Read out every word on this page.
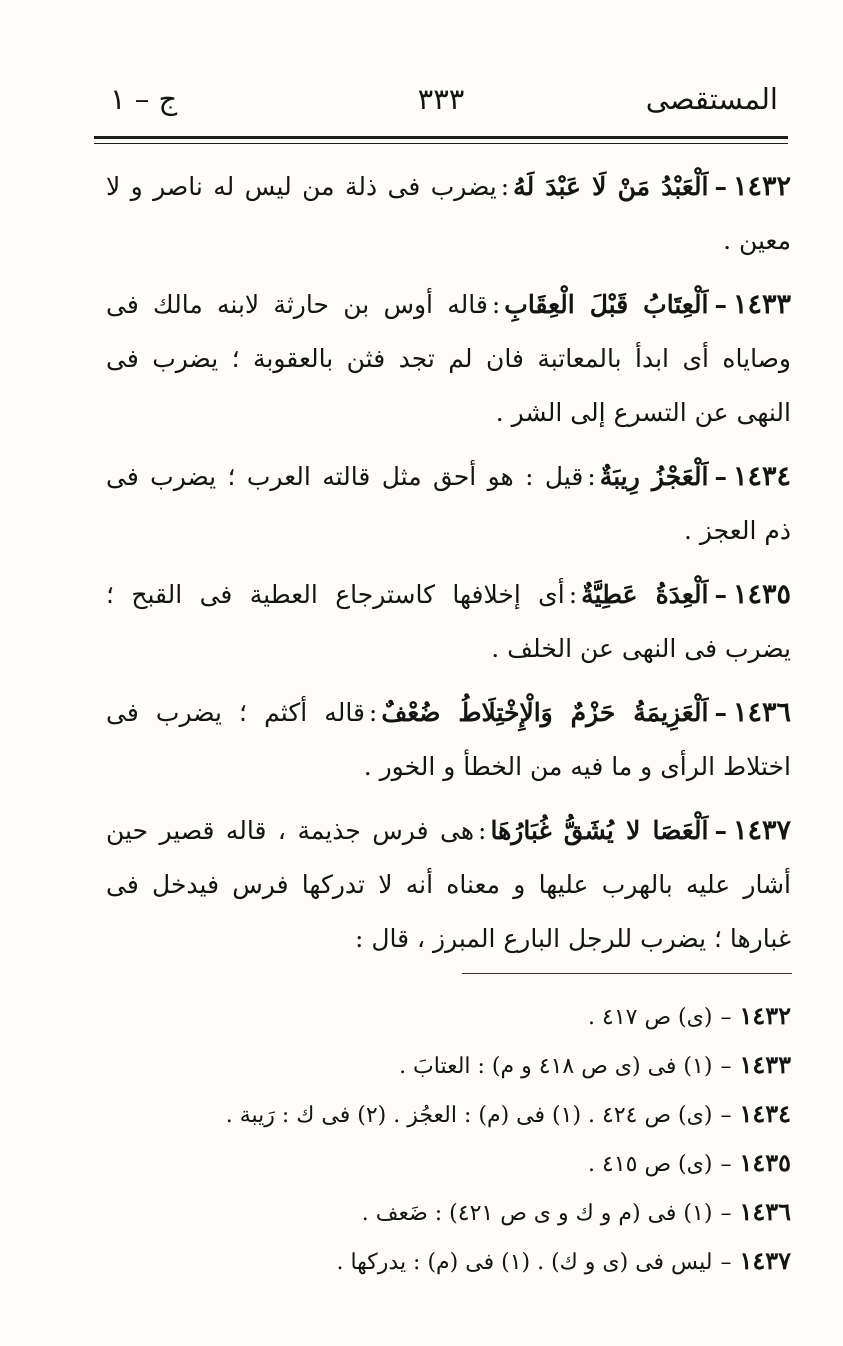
المستقصى
٣٣٣
ج – ١

١٤٣٢–اَلْعَبْدُ مَنْ لَا عَبْدَ لَهُ:يضرب فى ذلة من ليس له ناصر و لا معين .

١٤٣٣–اَلْعِتَابُ قَبْلَ الْعِقَابِ:قاله أوس بن حارثة لابنه مالك فى وصاياه أى ابدأ بالمعاتبة فان لم تجد فثن بالعقوبة ؛ يضرب فى النهى عن التسرع إلى الشر .

١٤٣٤–اَلْعَجْزُ رِيبَةٌ:قيل : هو أحق مثل قالته العرب ؛ يضرب فى ذم العجز .

١٤٣٥–اَلْعِدَةُ عَطِيَّةٌ:أى إخلافها كاسترجاع العطية فى القبح ؛ يضرب فى النهى عن الخلف .

١٤٣٦–اَلْعَزِيمَةُ حَزْمٌ وَالْإِخْتِلَاطُ ضُعْفٌ:قاله أكثم ؛ يضرب فى اختلاط الرأى و ما فيه من الخطأ و الخور .

١٤٣٧–اَلْعَصَا لا يُشَقُّ غُبَارُهَا:هى فرس جذيمة ، قاله قصير حين أشار عليه بالهرب عليها و معناه أنه لا تدركها فرس فيدخل فى غبارها ؛ يضرب للرجل البارع المبرز ، قال :

١٤٣٢–(ى) ص ٤١٧ .
١٤٣٣–(١) فى (ى ص ٤١٨ و م) : العتابَ .
١٤٣٤–(ى) ص ٤٢٤ . (١) فى (م) : العجُز . (٢) فى ك : رَيبة .
١٤٣٥–(ى) ص ٤١٥ .
١٤٣٦–(١) فى (م و ك و ى ص ٤٢١) : ضَعف .
١٤٣٧–ليس فى (ى و ك) . (١) فى (م) : يدركها .
